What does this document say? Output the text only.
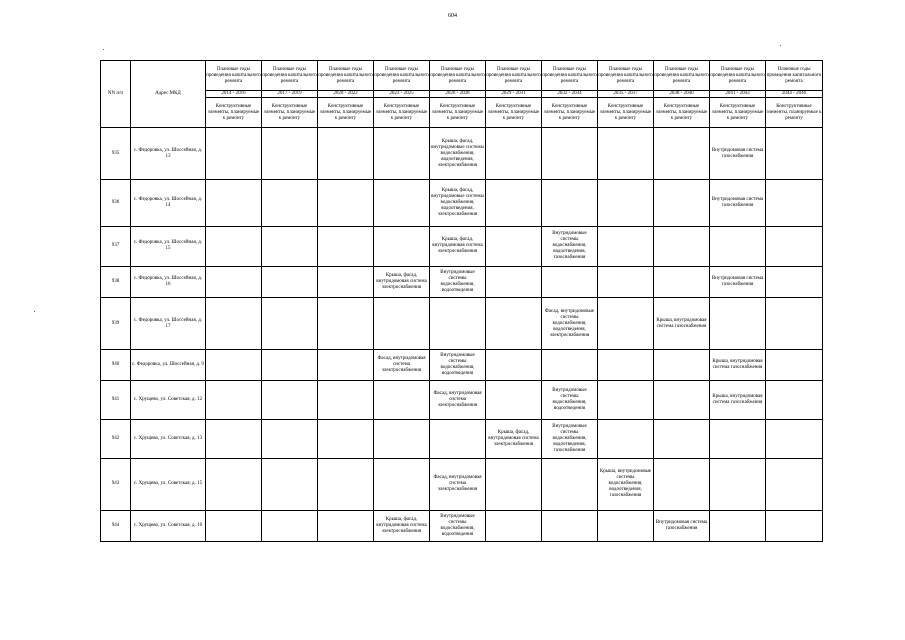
604
NN п/п	Адрес МКД	Плановые годы проведения капитального ремонта	Плановые годы проведения капитального ремонта	Плановые годы проведения капитального ремонта	Плановые годы проведения капитального ремонта	Плановые годы проведения капитального ремонта	Плановые годы проведения капитального ремонта	Плановые годы проведения капитального ремонта	Плановые годы проведения капитального ремонта	Плановые годы проведения капитального ремонта	Плановые годы проведения капитального ремонта	Плановые годы проведения капитального ремонта
		2014 - 2016	2017 - 2019	2020 - 2022	2023 - 2025	2026 - 2028	2029 - 2031	2032 - 2034	2035 - 2037	2038 - 2040	2041 - 2043	2044 - 2046
		Конструктивные элементы, планируемые к ремонту	Конструктивные элементы, планируемые к ремонту	Конструктивные элементы, планируемые к ремонту	Конструктивные элементы, планируемые к ремонту	Конструктивные элементы, планируемые к ремонту	Конструктивные элементы, планируемые к ремонту	Конструктивные элементы, планируемые к ремонту	Конструктивные элементы, планируемые к ремонту	Конструктивные элементы, планируемые к ремонту	Конструктивные элементы, планируемые к ремонту	Конструктивные элементы, планируемые к ремонту
935	с. Федоровка, ул. Шоссейная, д. 13					Крыша, фасад, внутридомовые системы водоснабжения, водоотведения, электроснабжения					Внутридомовая система газоснабжения	

936	с. Федоровка, ул. Шоссейная, д. 14					Крыша, фасад, внутридомовые системы водоснабжения, водоотведения, электроснабжения					Внутридомовая система газоснабжения	

937	с. Федоровка, ул. Шоссейная, д. 15					Крыша, фасад, внутридомовая система электроснабжения		Внутридомовые системы водоснабжения, водоотведения, газоснабжения				

938	с. Федоровка, ул. Шоссейная, д. 16				Крыша, фасад, внутридомовая система электроснабжения	Внутридомовые системы водоснабжения, водоотведения					Внутридомовая система газоснабжения	

939	с. Федоровка, ул. Шоссейная, д. 17							Фасад, внутридомовые системы водоснабжения, водоотведения, электроснабжения		Крыша, внутридомовая система газоснабжения		

940	с. Федоровка, ул. Шоссейная, д. 9				Фасад, внутридомовая система электроснабжения	Внутридомовые системы водоснабжения, водоотведения					Крыша, внутридомовая система газоснабжения	

941	с. Хрущево, ул. Советская, д. 12					Фасад, внутридомовая система электроснабжения		Внутридомовые системы водоснабжения, водоотведения			Крыша, внутридомовая система газоснабжения	

942	с. Хрущево, ул. Советская, д. 13						Крыша, фасад, внутридомовая система электроснабжения	Внутридомовые системы водоснабжения, водоотведения, газоснабжения				

943	с. Хрущево, ул. Советская, д. 15					Фасад, внутридомовая система электроснабжения			Крыша, внутридомовые системы водоснабжения, водоотведения, газоснабжения			

944	с. Хрущево, ул. Советская, д. 16				Крыша, фасад, внутридомовая система электроснабжения	Внутридомовые системы водоснабжения, водоотведения				Внутридомовая система газоснабжения		
